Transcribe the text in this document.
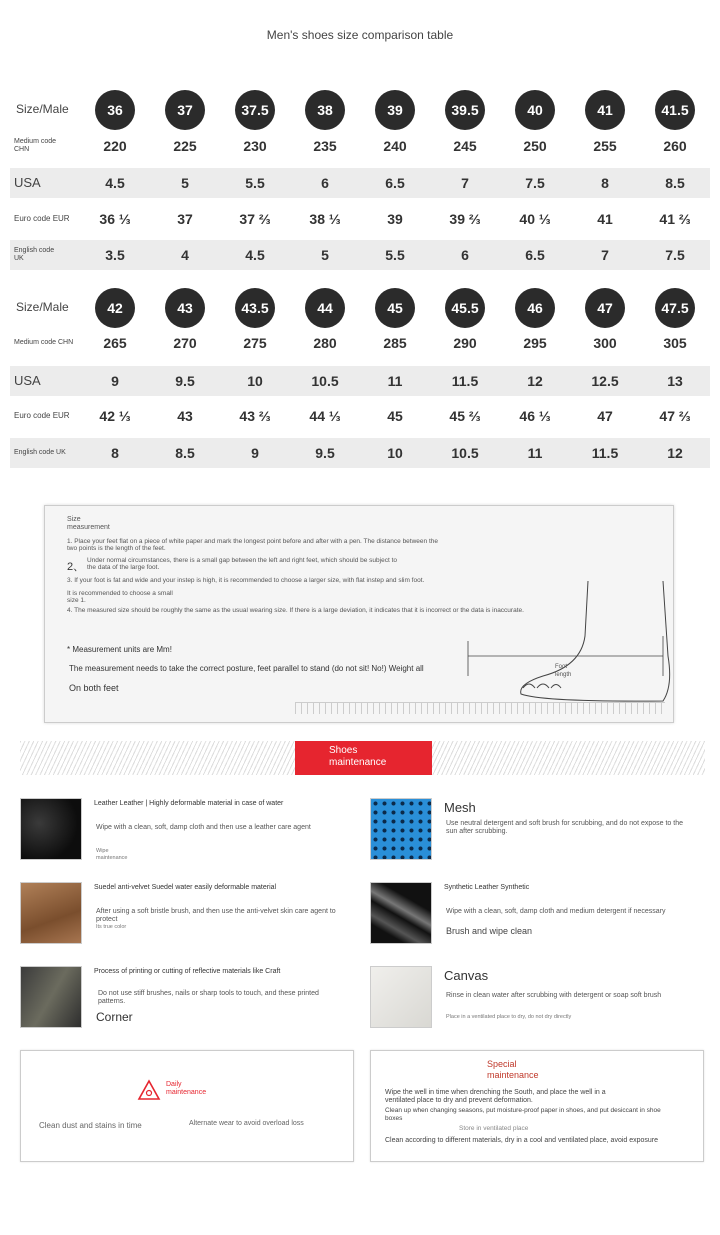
Men's shoes size comparison table
Size/Male	36	37	37.5	38	39	39.5	40	41	41.5
Medium code
CHN	220	225	230	235	240	245	250	255	260
USA	4.5	5	5.5	6	6.5	7	7.5	8	8.5
Euro code EUR	36 ⅓	37	37 ⅔	38 ⅓	39	39 ⅔	40 ⅓	41	41 ⅔
English code
UK	3.5	4	4.5	5	5.5	6	6.5	7	7.5
Size/Male	42	43	43.5	44	45	45.5	46	47	47.5
Medium code CHN	265	270	275	280	285	290	295	300	305
USA	9	9.5	10	10.5	11	11.5	12	12.5	13
Euro code EUR	42 ⅓	43	43 ⅔	44 ⅓	45	45 ⅔	46 ⅓	47	47 ⅔
English code UK	8	8.5	9	9.5	10	10.5	11	11.5	12
Size
measurement
1. Place your feet flat on a piece of white paper and mark the longest point before and after with a pen. The distance between the two points is the length of the feet.
2、
Under normal circumstances, there is a small gap between the left and right feet, which should be subject to the data of the large foot.
3. If your foot is fat and wide and your instep is high, it is recommended to choose a larger size, with flat instep and slim foot.
It is recommended to choose a small size 1.
4. The measured size should be roughly the same as the usual wearing size. If there is a large deviation, it indicates that it is incorrect or the data is inaccurate.
* Measurement units are Mm!
The measurement needs to take the correct posture, feet parallel to stand (do not sit! No!) Weight all
On both feet
Foot
length
Shoes
maintenance
Leather Leather | Highly deformable material in case of water
Wipe with a clean, soft, damp cloth and then use a leather care agent
Wipe
maintenance
Mesh
Use neutral detergent and soft brush for scrubbing, and do not expose to the sun after scrubbing.
Suedel anti-velvet Suedel water easily deformable material
After using a soft bristle brush, and then use the anti-velvet skin care agent to protect
Its true color
Synthetic Leather Synthetic
Wipe with a clean, soft, damp cloth and medium detergent if necessary
Brush and wipe clean
Process of printing or cutting of reflective materials like Craft
Do not use stiff brushes, nails or sharp tools to touch, and these printed patterns.
Corner
Canvas
Rinse in clean water after scrubbing with detergent or soap soft brush
Place in a ventilated place to dry, do not dry directly
Daily
maintenance
Clean dust and stains in time	Alternate wear to avoid overload loss
Special
maintenance
Wipe the well in time when drenching the South, and place the well in a ventilated place to dry and prevent deformation.
Clean up when changing seasons, put moisture-proof paper in shoes, and put desiccant in shoe boxes
Store in ventilated place
Clean according to different materials, dry in a cool and ventilated place, avoid exposure
